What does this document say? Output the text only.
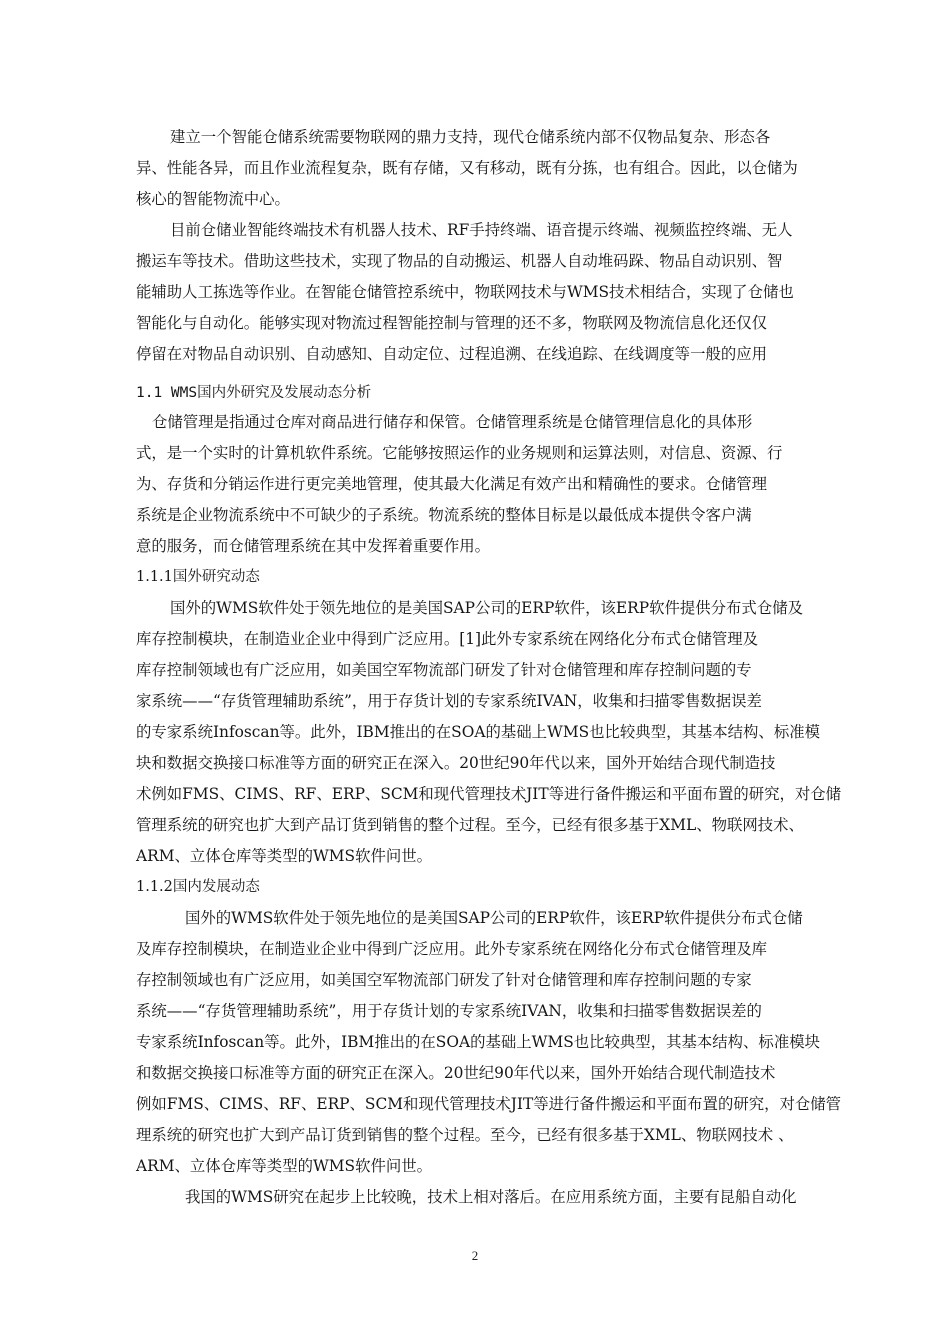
建立一个智能仓储系统需要物联网的鼎力支持，现代仓储系统内部不仅物品复杂、形态各
异、性能各异，而且作业流程复杂，既有存储，又有移动，既有分拣，也有组合。因此，以仓储为
核心的智能物流中心。
目前仓储业智能终端技术有机器人技术、RF手持终端、语音提示终端、视频监控终端、无人
搬运车等技术。借助这些技术，实现了物品的自动搬运、机器人自动堆码跺、物品自动识别、智
能辅助人工拣选等作业。在智能仓储管控系统中，物联网技术与WMS技术相结合，实现了仓储也
智能化与自动化。能够实现对物流过程智能控制与管理的还不多，物联网及物流信息化还仅仅
停留在对物品自动识别、自动感知、自动定位、过程追溯、在线追踪、在线调度等一般的应用
1.1 WMS国内外研究及发展动态分析
仓储管理是指通过仓库对商品进行储存和保管。仓储管理系统是仓储管理信息化的具体形
式，是一个实时的计算机软件系统。它能够按照运作的业务规则和运算法则，对信息、资源、行
为、存货和分销运作进行更完美地管理，使其最大化满足有效产出和精确性的要求。仓储管理
系统是企业物流系统中不可缺少的子系统。物流系统的整体目标是以最低成本提供令客户满
意的服务，而仓储管理系统在其中发挥着重要作用。
1.1.1国外研究动态
国外的WMS软件处于领先地位的是美国SAP公司的ERP软件，该ERP软件提供分布式仓储及
库存控制模块，在制造业企业中得到广泛应用。[1]此外专家系统在网络化分布式仓储管理及
库存控制领域也有广泛应用，如美国空军物流部门研发了针对仓储管理和库存控制问题的专
家系统——“存货管理辅助系统”，用于存货计划的专家系统IVAN，收集和扫描零售数据误差
的专家系统Infoscan等。此外，IBM推出的在SOA的基础上WMS也比较典型，其基本结构、标准模
块和数据交换接口标准等方面的研究正在深入。20世纪90年代以来，国外开始结合现代制造技
术例如FMS、CIMS、RF、ERP、SCM和现代管理技术JIT等进行备件搬运和平面布置的研究，对仓储
管理系统的研究也扩大到产品订货到销售的整个过程。至今，已经有很多基于XML、物联网技术、
ARM、立体仓库等类型的WMS软件问世。
1.1.2国内发展动态
国外的WMS软件处于领先地位的是美国SAP公司的ERP软件，该ERP软件提供分布式仓储
及库存控制模块，在制造业企业中得到广泛应用。此外专家系统在网络化分布式仓储管理及库
存控制领域也有广泛应用，如美国空军物流部门研发了针对仓储管理和库存控制问题的专家
系统——“存货管理辅助系统”，用于存货计划的专家系统IVAN，收集和扫描零售数据误差的
专家系统Infoscan等。此外，IBM推出的在SOA的基础上WMS也比较典型，其基本结构、标准模块
和数据交换接口标准等方面的研究正在深入。20世纪90年代以来，国外开始结合现代制造技术
例如FMS、CIMS、RF、ERP、SCM和现代管理技术JIT等进行备件搬运和平面布置的研究，对仓储管
理系统的研究也扩大到产品订货到销售的整个过程。至今，已经有很多基于XML、物联网技术 、
ARM、立体仓库等类型的WMS软件问世。
我国的WMS研究在起步上比较晚，技术上相对落后。在应用系统方面，主要有昆船自动化
2
